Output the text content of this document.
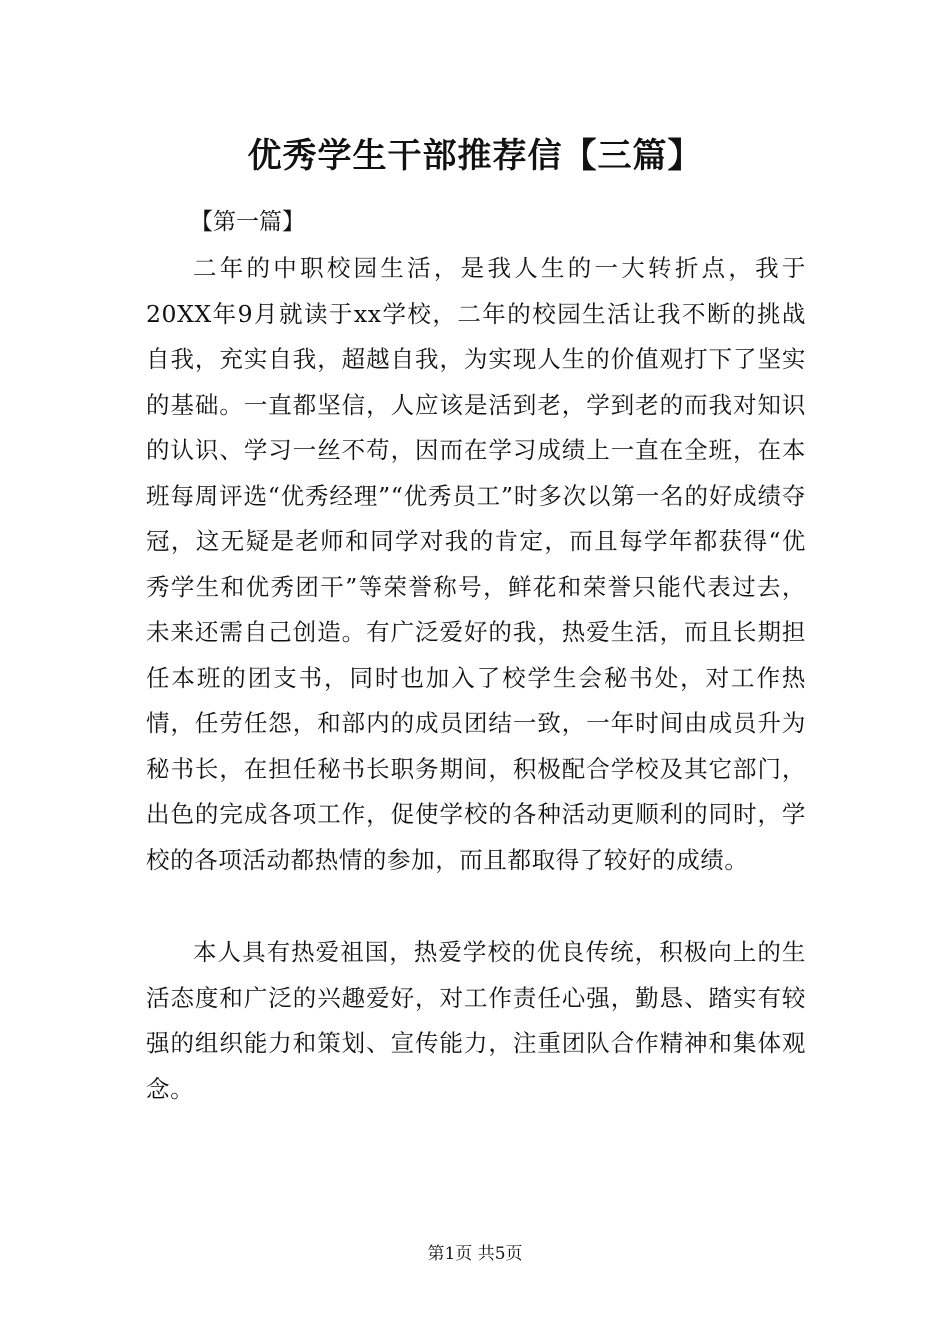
优秀学生干部推荐信【三篇】

【第一篇】

二年的中职校园生活，是我人生的一大转折点，我于20XX年9月就读于xx学校，二年的校园生活让我不断的挑战自我，充实自我，超越自我，为实现人生的价值观打下了坚实的基础。一直都坚信，人应该是活到老，学到老的而我对知识的认识、学习一丝不苟，因而在学习成绩上一直在全班，在本班每周评选“优秀经理”“优秀员工”时多次以第一名的好成绩夺冠，这无疑是老师和同学对我的肯定，而且每学年都获得“优秀学生和优秀团干”等荣誉称号，鲜花和荣誉只能代表过去，未来还需自己创造。有广泛爱好的我，热爱生活，而且长期担任本班的团支书，同时也加入了校学生会秘书处，对工作热情，任劳任怨，和部内的成员团结一致，一年时间由成员升为秘书长，在担任秘书长职务期间，积极配合学校及其它部门，出色的完成各项工作，促使学校的各种活动更顺利的同时，学校的各项活动都热情的参加，而且都取得了较好的成绩。

本人具有热爱祖国，热爱学校的优良传统，积极向上的生活态度和广泛的兴趣爱好，对工作责任心强，勤恳、踏实有较强的组织能力和策划、宣传能力，注重团队合作精神和集体观念。

第1页 共5页
